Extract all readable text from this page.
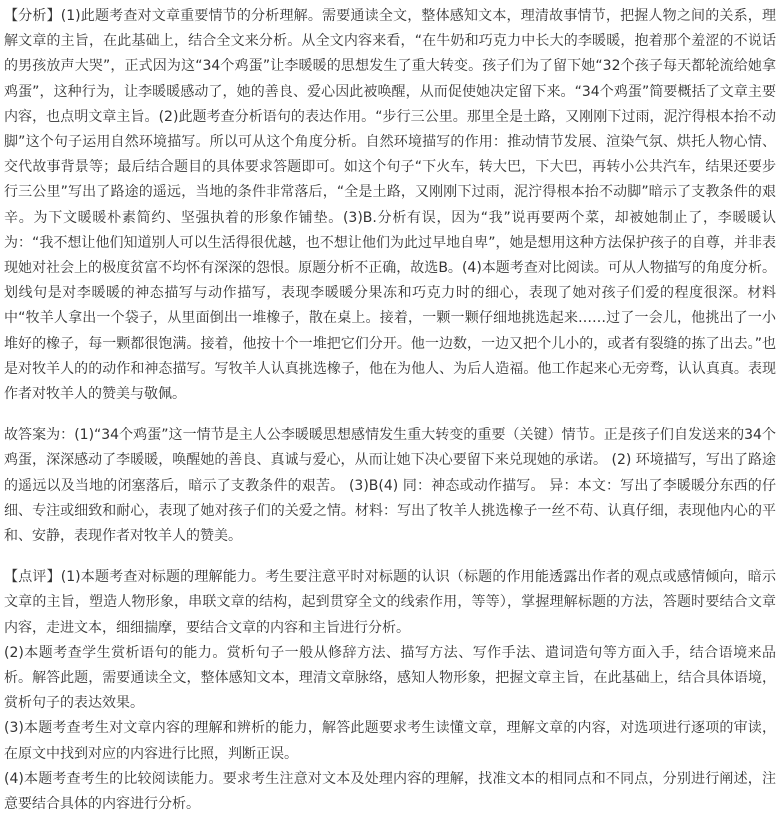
【分析】(1)此题考查对文章重要情节的分析理解。需要通读全文，整体感知文本，理清故事情节，把握人物之间的关系，理解文章的主旨，在此基础上，结合全文来分析。从全文内容来看，“在牛奶和巧克力中长大的李暖暖，抱着那个羞涩的不说话的男孩放声大哭”，正式因为这“34个鸡蛋”让李暖暖的思想发生了重大转变。孩子们为了留下她“32个孩子每天都轮流给她拿鸡蛋”，这种行为，让李暖暖感动了，她的善良、爱心因此被唤醒，从而促使她决定留下来。“34个鸡蛋”简要概括了文章主要内容，也点明文章主旨。(2)此题考查分析语句的表达作用。“步行三公里。那里全是土路，又刚刚下过雨，泥泞得根本抬不动脚”这个句子运用自然环境描写。所以可从这个角度分析。自然环境描写的作用：推动情节发展、渲染气氛、烘托人物心情、交代故事背景等；最后结合题目的具体要求答题即可。如这个句子“下火车，转大巴，下大巴，再转小公共汽车，结果还要步行三公里”写出了路途的遥远，当地的条件非常落后，“全是土路，又刚刚下过雨，泥泞得根本抬不动脚”暗示了支教条件的艰辛。为下文暖暖朴素简约、坚强执着的形象作铺垫。(3)B.分析有误，因为“我”说再要两个菜，却被她制止了，李暖暖认为：“我不想让他们知道别人可以生活得很优越，也不想让他们为此过早地自卑”，她是想用这种方法保护孩子的自尊，并非表现她对社会上的极度贫富不均怀有深深的怨恨。原题分析不正确，故选B。(4)本题考查对比阅读。可从人物描写的角度分析。划线句是对李暖暖的神态描写与动作描写，表现李暖暖分果冻和巧克力时的细心，表现了她对孩子们爱的程度很深。材料中“牧羊人拿出一个袋子，从里面倒出一堆橡子，散在桌上。接着，一颗一颗仔细地挑选起来……过了一会儿，他挑出了一小堆好的橡子，每一颗都很饱满。接着，他按十个一堆把它们分开。他一边数，一边又把个儿小的，或者有裂缝的拣了出去。”也是对牧羊人的的动作和神态描写。写牧羊人认真挑选橡子，他在为他人、为后人造福。他工作起来心无旁骛，认认真真。表现作者对牧羊人的赞美与敬佩。

故答案为：(1)“34个鸡蛋”这一情节是主人公李暖暖思想感情发生重大转变的重要（关键）情节。正是孩子们自发送来的34个鸡蛋，深深感动了李暖暖，唤醒她的善良、真诚与爱心，从而让她下决心要留下来兑现她的承诺。 (2) 环境描写，写出了路途的遥远以及当地的闭塞落后，暗示了支教条件的艰苦。 (3)B(4) 同：神态或动作描写。 异：本文：写出了李暖暖分东西的仔细、专注或细致和耐心，表现了她对孩子们的关爱之情。材料：写出了牧羊人挑选橡子一丝不苟、认真仔细，表现他内心的平和、安静，表现作者对牧羊人的赞美。

【点评】(1)本题考查对标题的理解能力。考生要注意平时对标题的认识（标题的作用能透露出作者的观点或感情倾向，暗示文章的主旨，塑造人物形象，串联文章的结构，起到贯穿全文的线索作用，等等），掌握理解标题的方法，答题时要结合文章内容，走进文本，细细揣摩，要结合文章的内容和主旨进行分析。

(2)本题考查学生赏析语句的能力。赏析句子一般从修辞方法、描写方法、写作手法、遣词造句等方面入手，结合语境来品析。解答此题，需要通读全文，整体感知文本，理清文章脉络，感知人物形象，把握文章主旨，在此基础上，结合具体语境，赏析句子的表达效果。

(3)本题考查考生对文章内容的理解和辨析的能力，解答此题要求考生读懂文章，理解文章的内容，对选项进行逐项的审读，在原文中找到对应的内容进行比照，判断正误。

(4)本题考查考生的比较阅读能力。要求考生注意对文本及处理内容的理解，找准文本的相同点和不同点，分别进行阐述，注意要结合具体的内容进行分析。
